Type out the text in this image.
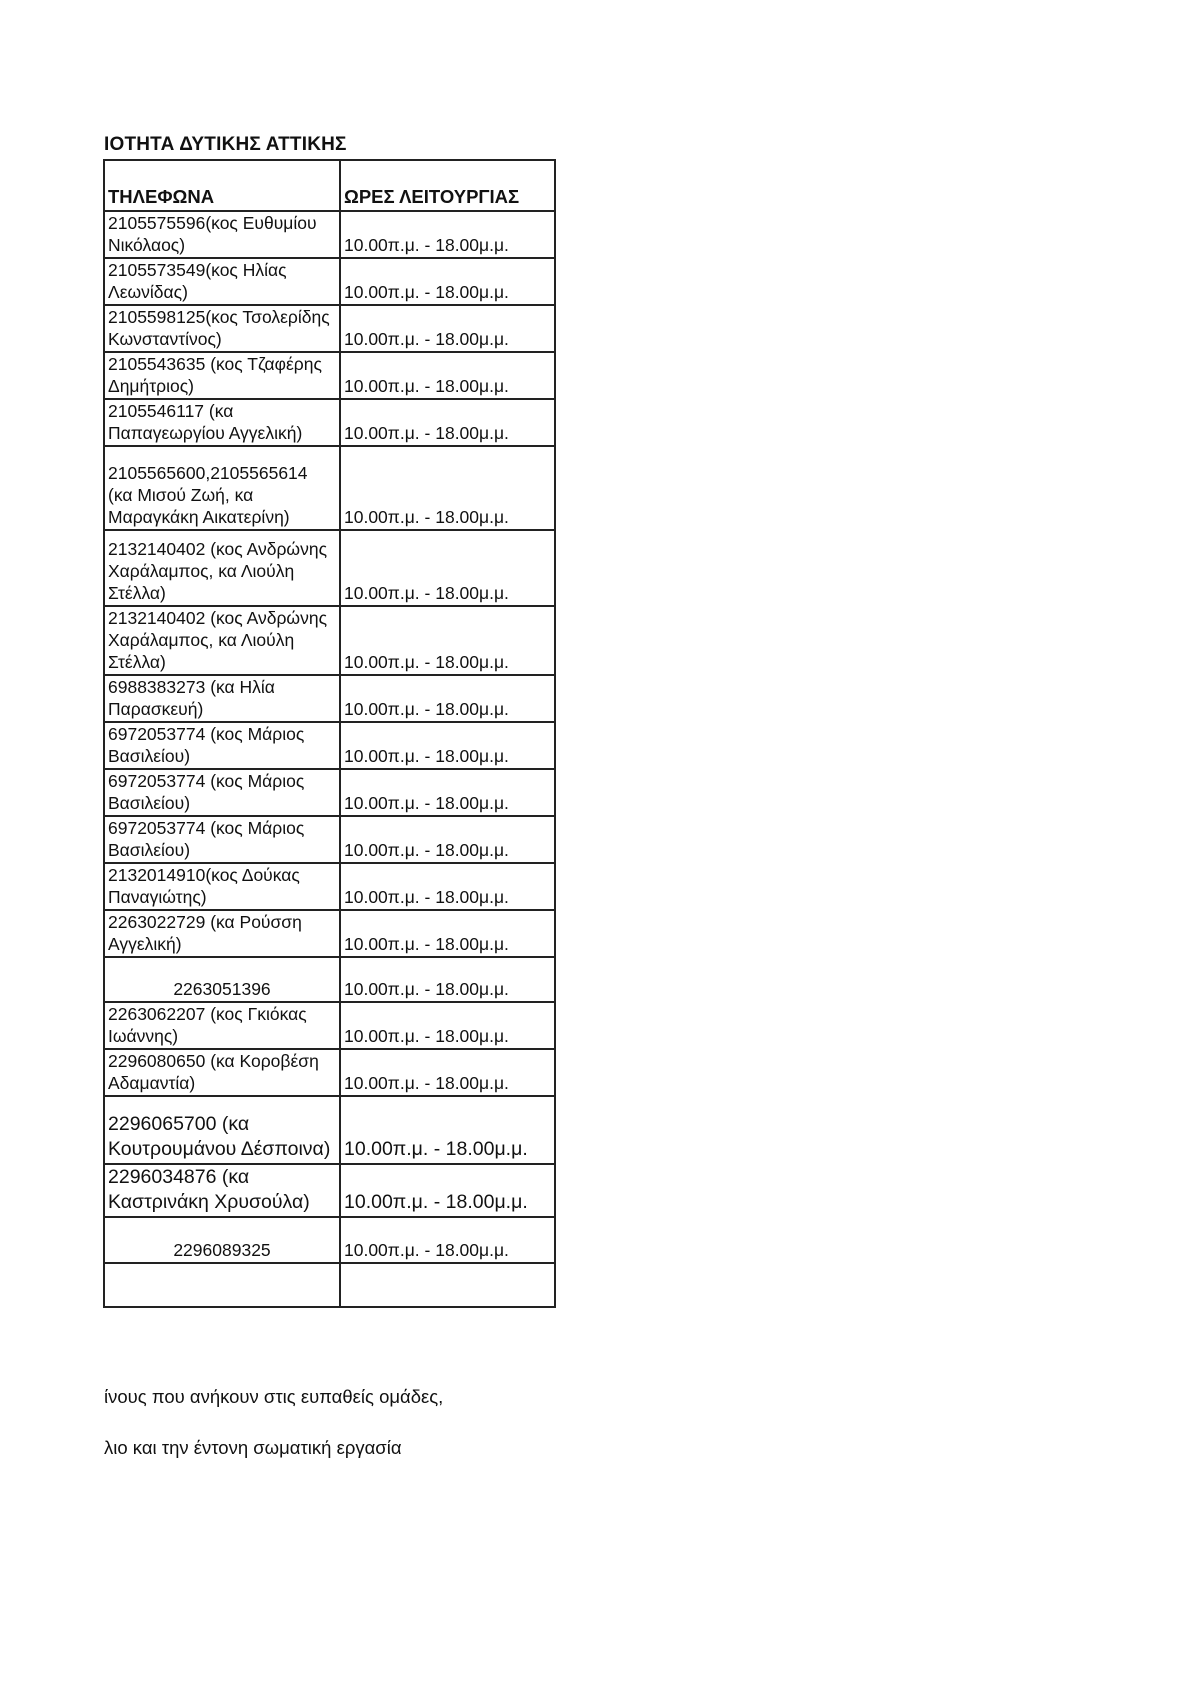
ΙΟΤΗΤΑ ΔΥΤΙΚΗΣ ΑΤΤΙΚΗΣ
ΤΗΛΕΦΩΝΑ	ΩΡΕΣ ΛΕΙΤΟΥΡΓΙΑΣ
2105575596(κος Ευθυμίου Νικόλαος)	10.00π.μ. - 18.00μ.μ.
2105573549(κος Ηλίας Λεωνίδας)	10.00π.μ. - 18.00μ.μ.
2105598125(κος Τσολερίδης Κωνσταντίνος)	10.00π.μ. - 18.00μ.μ.
2105543635 (κος Τζαφέρης Δημήτριος)	10.00π.μ. - 18.00μ.μ.
2105546117 (κα Παπαγεωργίου Αγγελική)	10.00π.μ. - 18.00μ.μ.
2105565600,2105565614 (κα Μισού Ζωή, κα Μαραγκάκη Αικατερίνη)	10.00π.μ. - 18.00μ.μ.
2132140402 (κος Ανδρώνης Χαράλαμπος, κα Λιούλη Στέλλα)	10.00π.μ. - 18.00μ.μ.
2132140402 (κος Ανδρώνης Χαράλαμπος, κα Λιούλη Στέλλα)	10.00π.μ. - 18.00μ.μ.
6988383273 (κα Ηλία Παρασκευή)	10.00π.μ. - 18.00μ.μ.
6972053774 (κος Μάριος Βασιλείου)	10.00π.μ. - 18.00μ.μ.
6972053774 (κος Μάριος Βασιλείου)	10.00π.μ. - 18.00μ.μ.
6972053774 (κος Μάριος Βασιλείου)	10.00π.μ. - 18.00μ.μ.
2132014910(κος Δούκας Παναγιώτης)	10.00π.μ. - 18.00μ.μ.
2263022729 (κα Ρούσση Αγγελική)	10.00π.μ. - 18.00μ.μ.
2263051396	10.00π.μ. - 18.00μ.μ.
2263062207 (κος Γκιόκας Ιωάννης)	10.00π.μ. - 18.00μ.μ.
2296080650 (κα Κοροβέση Αδαμαντία)	10.00π.μ. - 18.00μ.μ.
2296065700 (κα Κουτρουμάνου Δέσποινα)	10.00π.μ. - 18.00μ.μ.
2296034876 (κα Καστρινάκη Χρυσούλα)	10.00π.μ. - 18.00μ.μ.
2296089325	10.00π.μ. - 18.00μ.μ.

ίνους που ανήκουν στις ευπαθείς ομάδες,
λιο και την έντονη σωματική εργασία
